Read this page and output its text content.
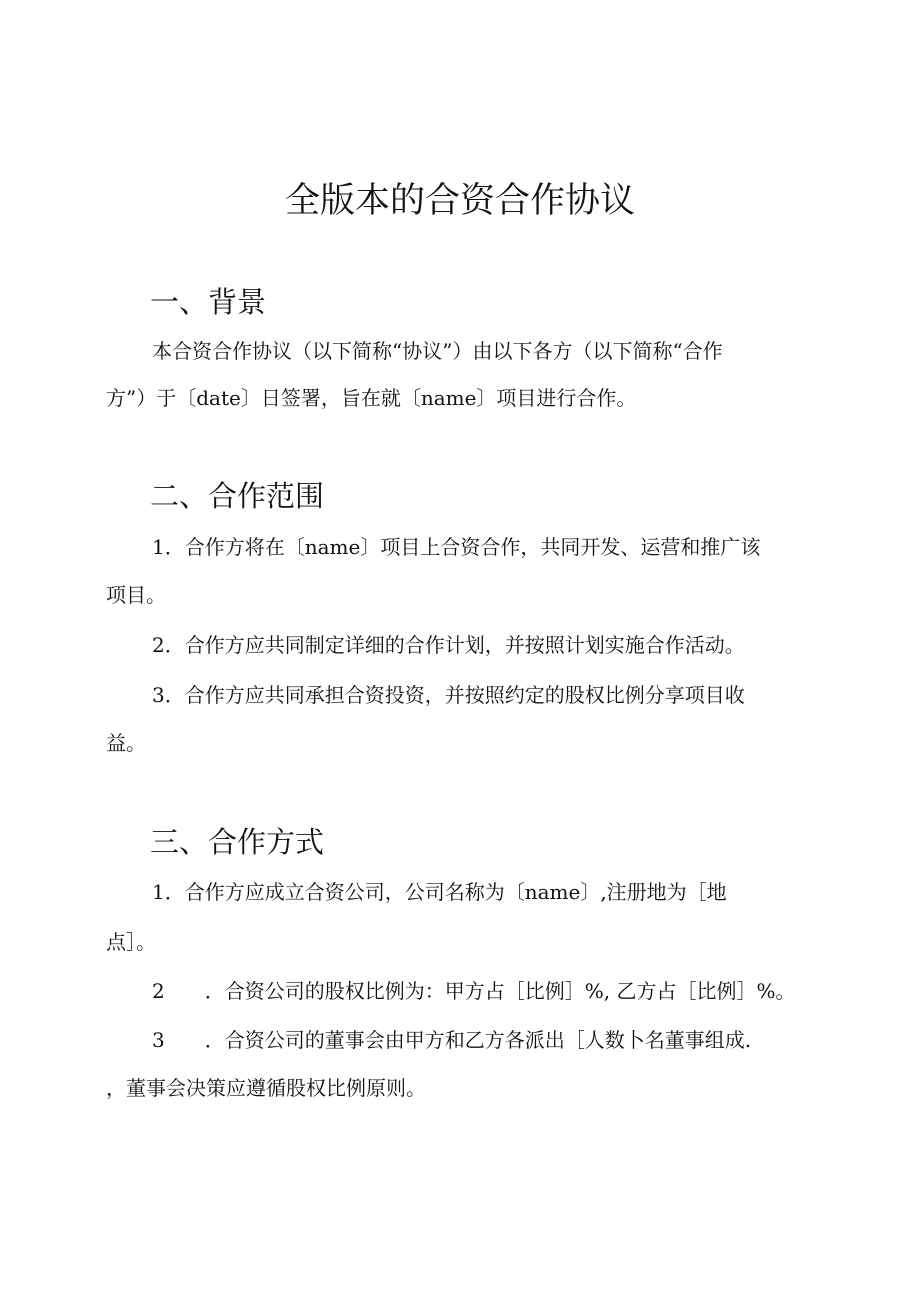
全版本的合资合作协议
一、背景
本合资合作协议（以下简称“协议”）由以下各方（以下简称“合作
方”）于〔date〕日签署，旨在就〔name〕项目进行合作。
二、合作范围
1．合作方将在〔name〕项目上合资合作，共同开发、运营和推广该
项目。
2．合作方应共同制定详细的合作计划，并按照计划实施合作活动。
3．合作方应共同承担合资投资，并按照约定的股权比例分享项目收
益。
三、合作方式
1．合作方应成立合资公司，公司名称为〔name〕,注册地为［地
点］。
2　　．合资公司的股权比例为：甲方占［比例］%, 乙方占［比例］%。
3　　．合资公司的董事会由甲方和乙方各派出［人数卜名董事组成.
，董事会决策应遵循股权比例原则。
